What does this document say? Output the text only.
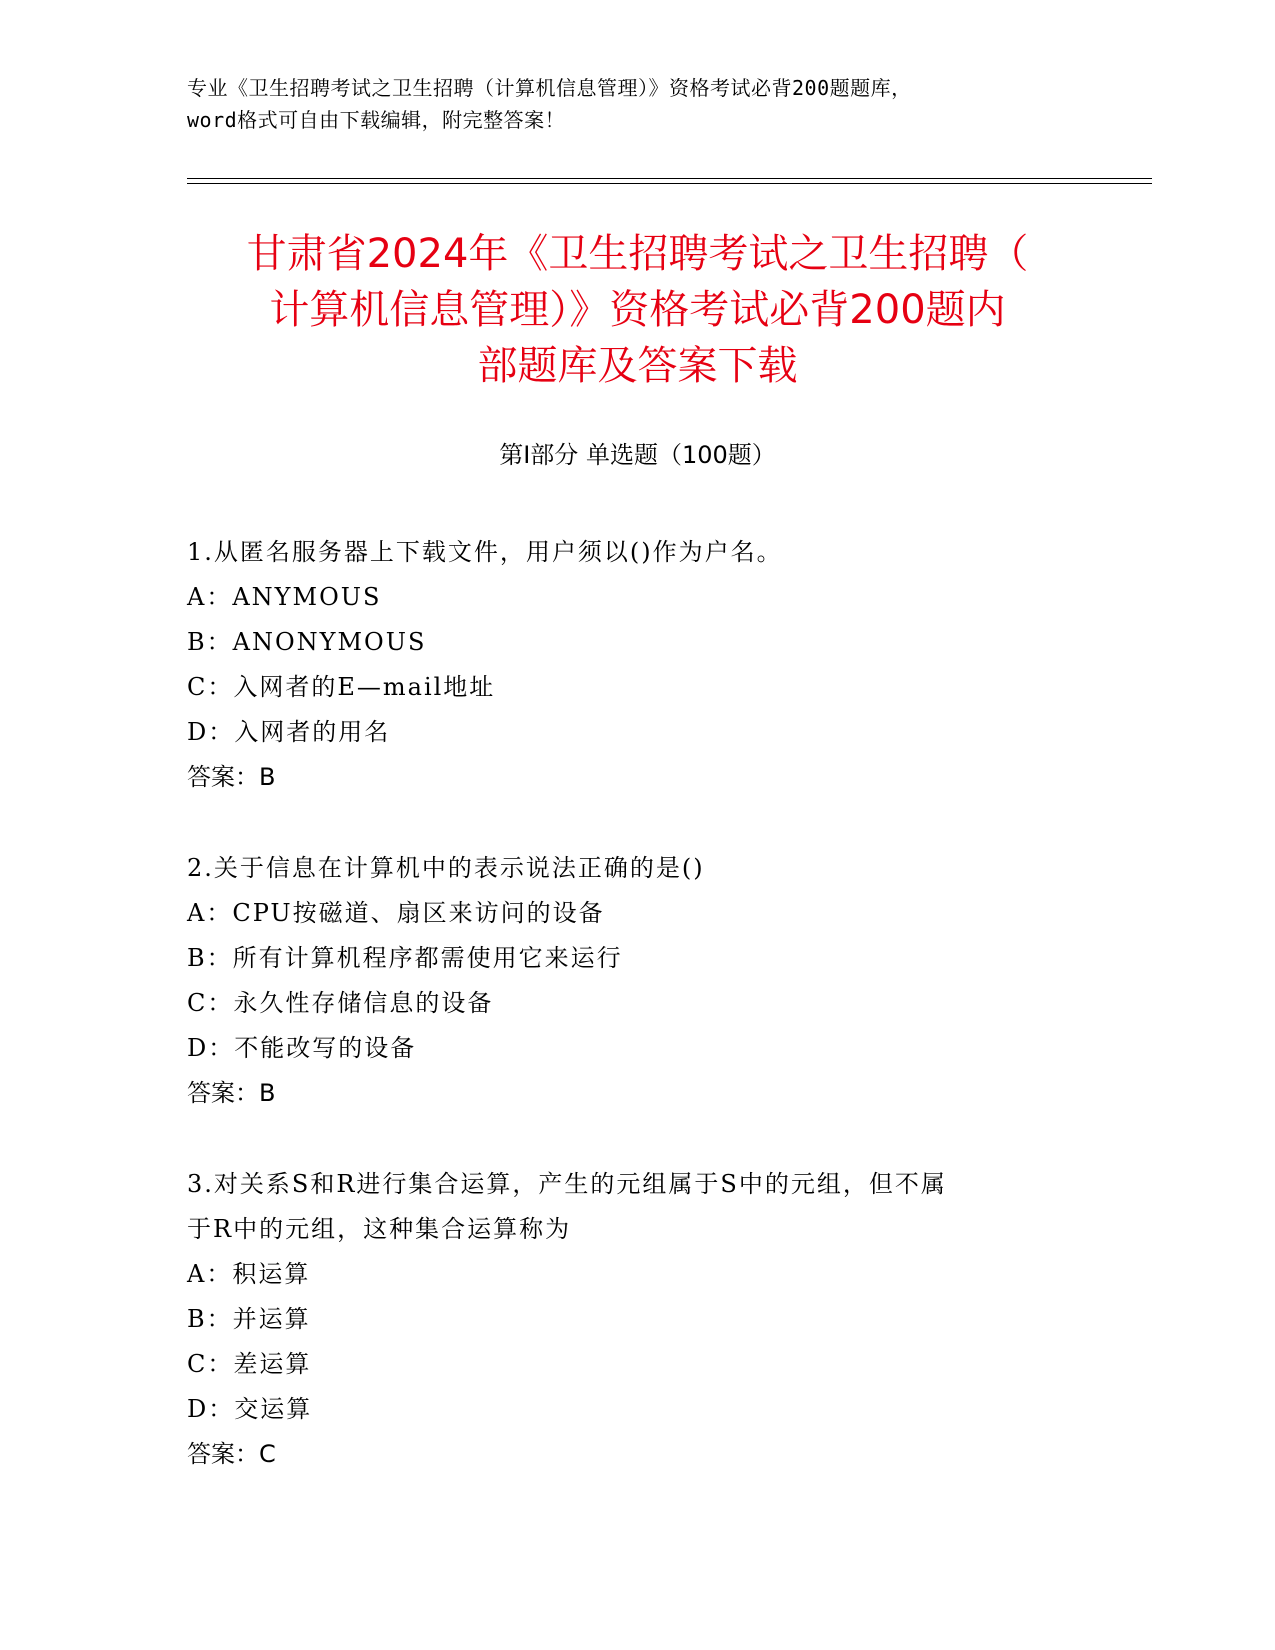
专业《卫生招聘考试之卫生招聘（计算机信息管理）》资格考试必背200题题库，
word格式可自由下载编辑，附完整答案！
甘肃省2024年《卫生招聘考试之卫生招聘（
计算机信息管理）》资格考试必背200题内
部题库及答案下载
第Ⅰ部分 单选题（100题）
1.从匿名服务器上下载文件，用户须以()作为户名。
A：ANYMOUS
B：ANONYMOUS
C：入网者的E—mail地址
D：入网者的用名
答案：B
2.关于信息在计算机中的表示说法正确的是()
A：CPU按磁道、扇区来访问的设备
B：所有计算机程序都需使用它来运行
C：永久性存储信息的设备
D：不能改写的设备
答案：B
3.对关系S和R进行集合运算，产生的元组属于S中的元组，但不属
于R中的元组，这种集合运算称为
A：积运算
B：并运算
C：差运算
D：交运算
答案：C
